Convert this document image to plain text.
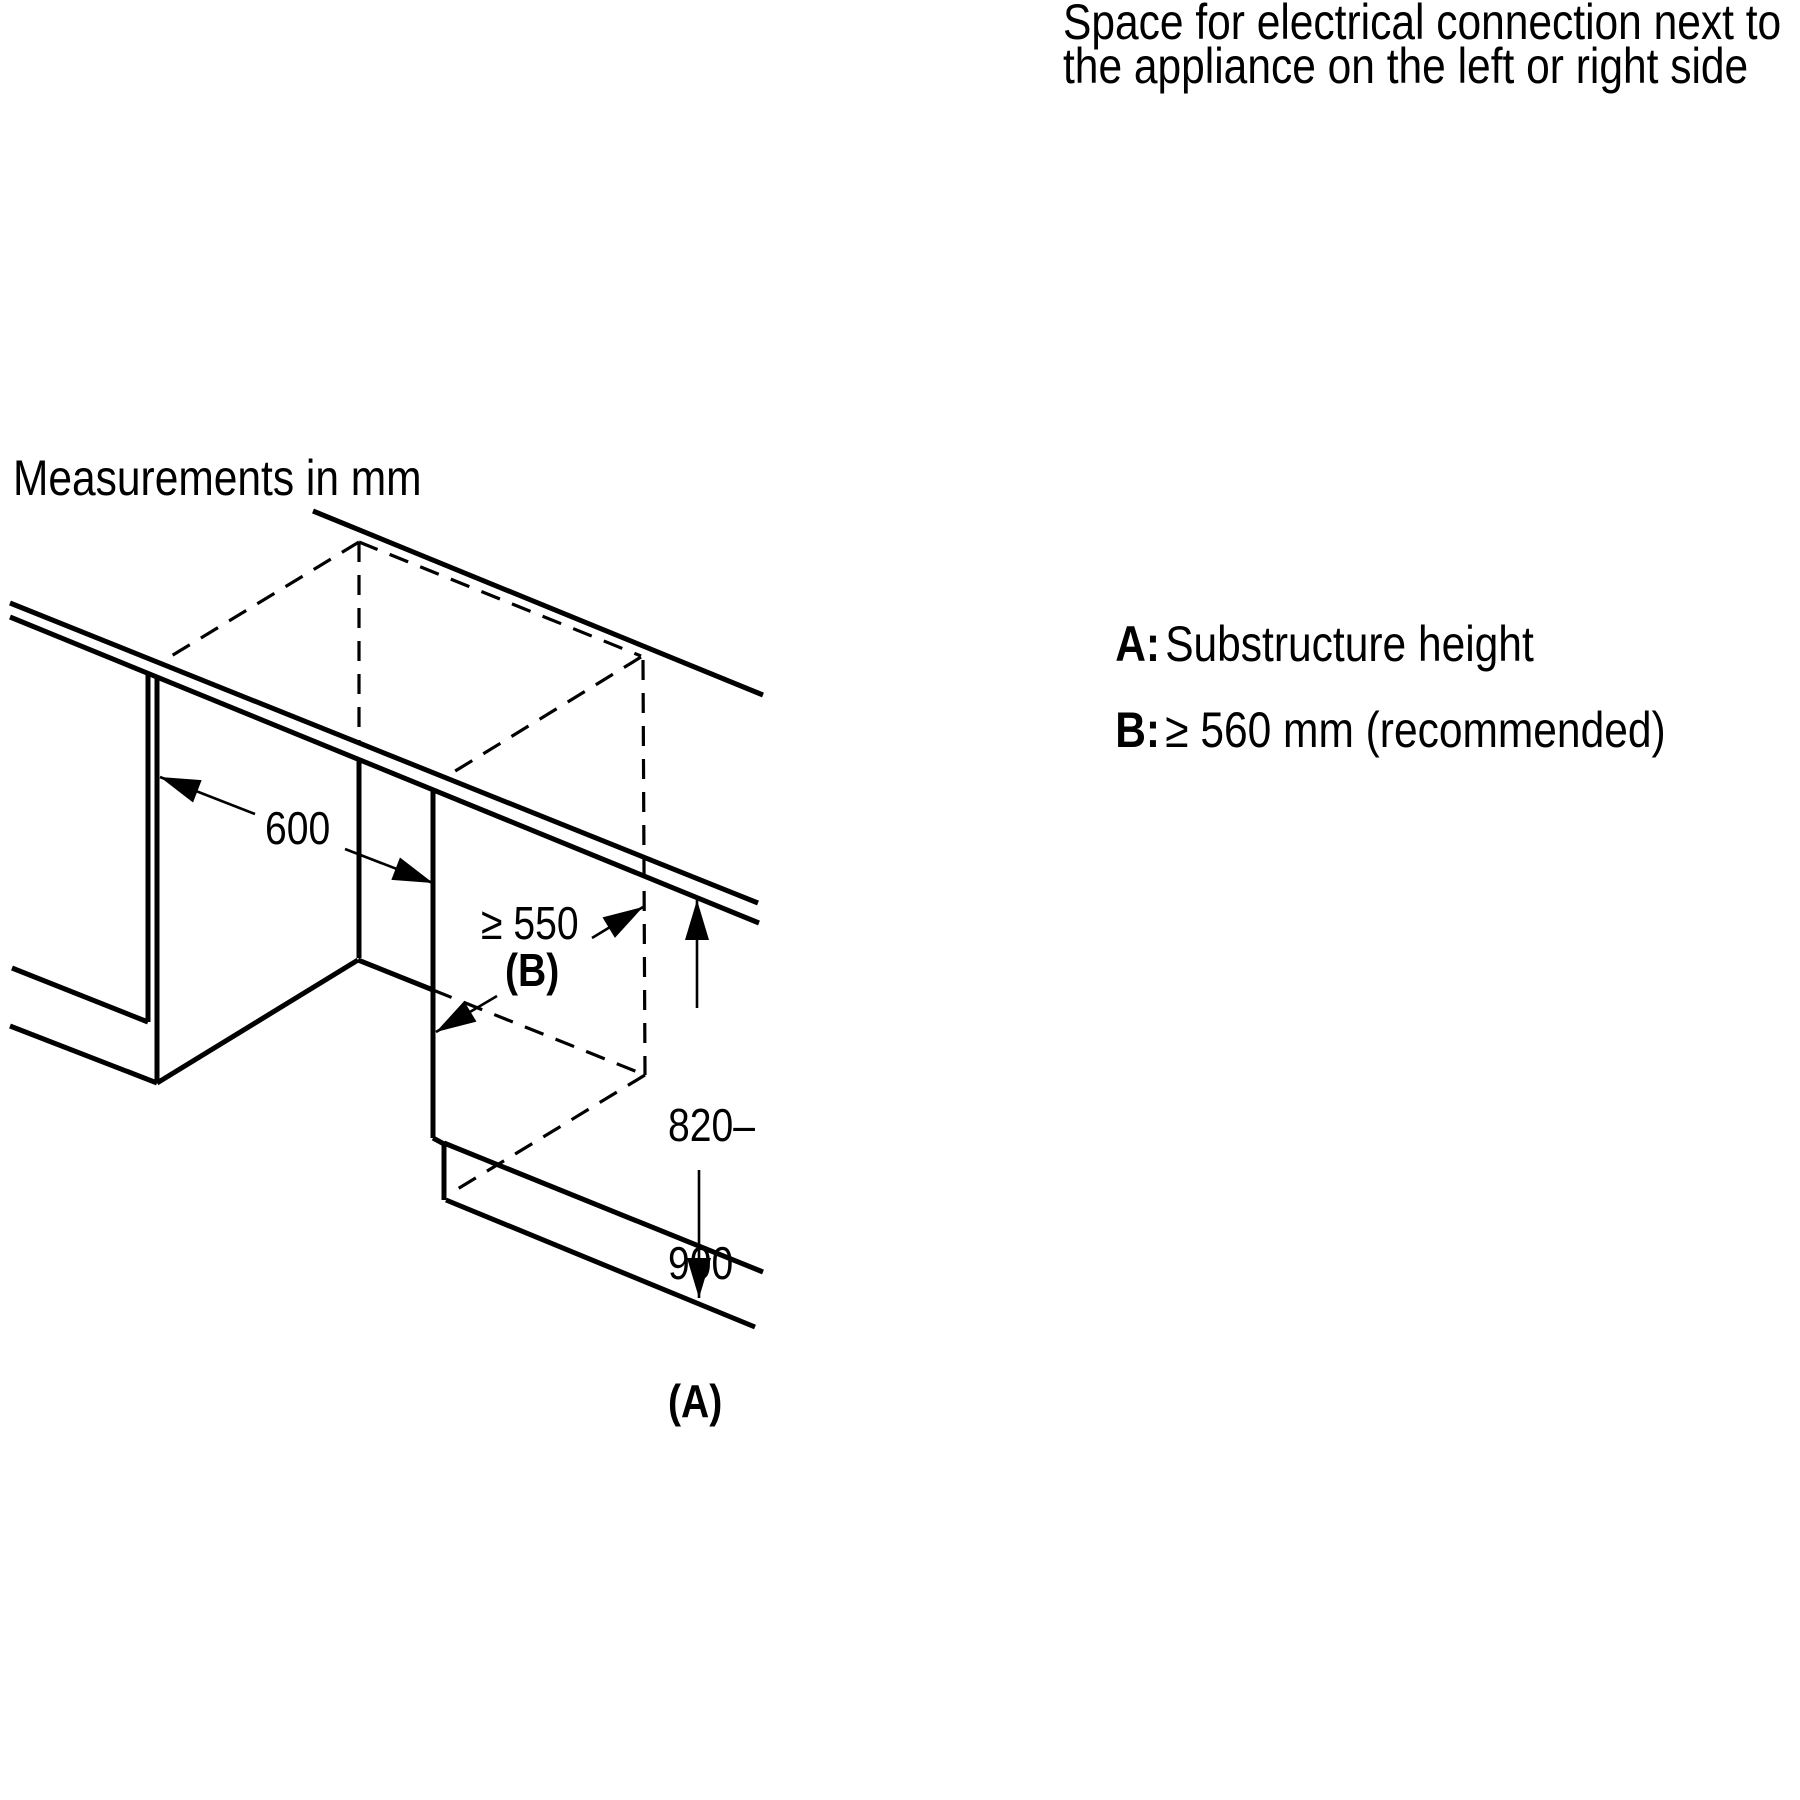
Measurements in mm
600
≥ 550
(B)

820–

900

(A)

A: Substructure height

B: ≥ 560 mm (recommended)

Space for electrical connection next to
the appliance on the left or right side
